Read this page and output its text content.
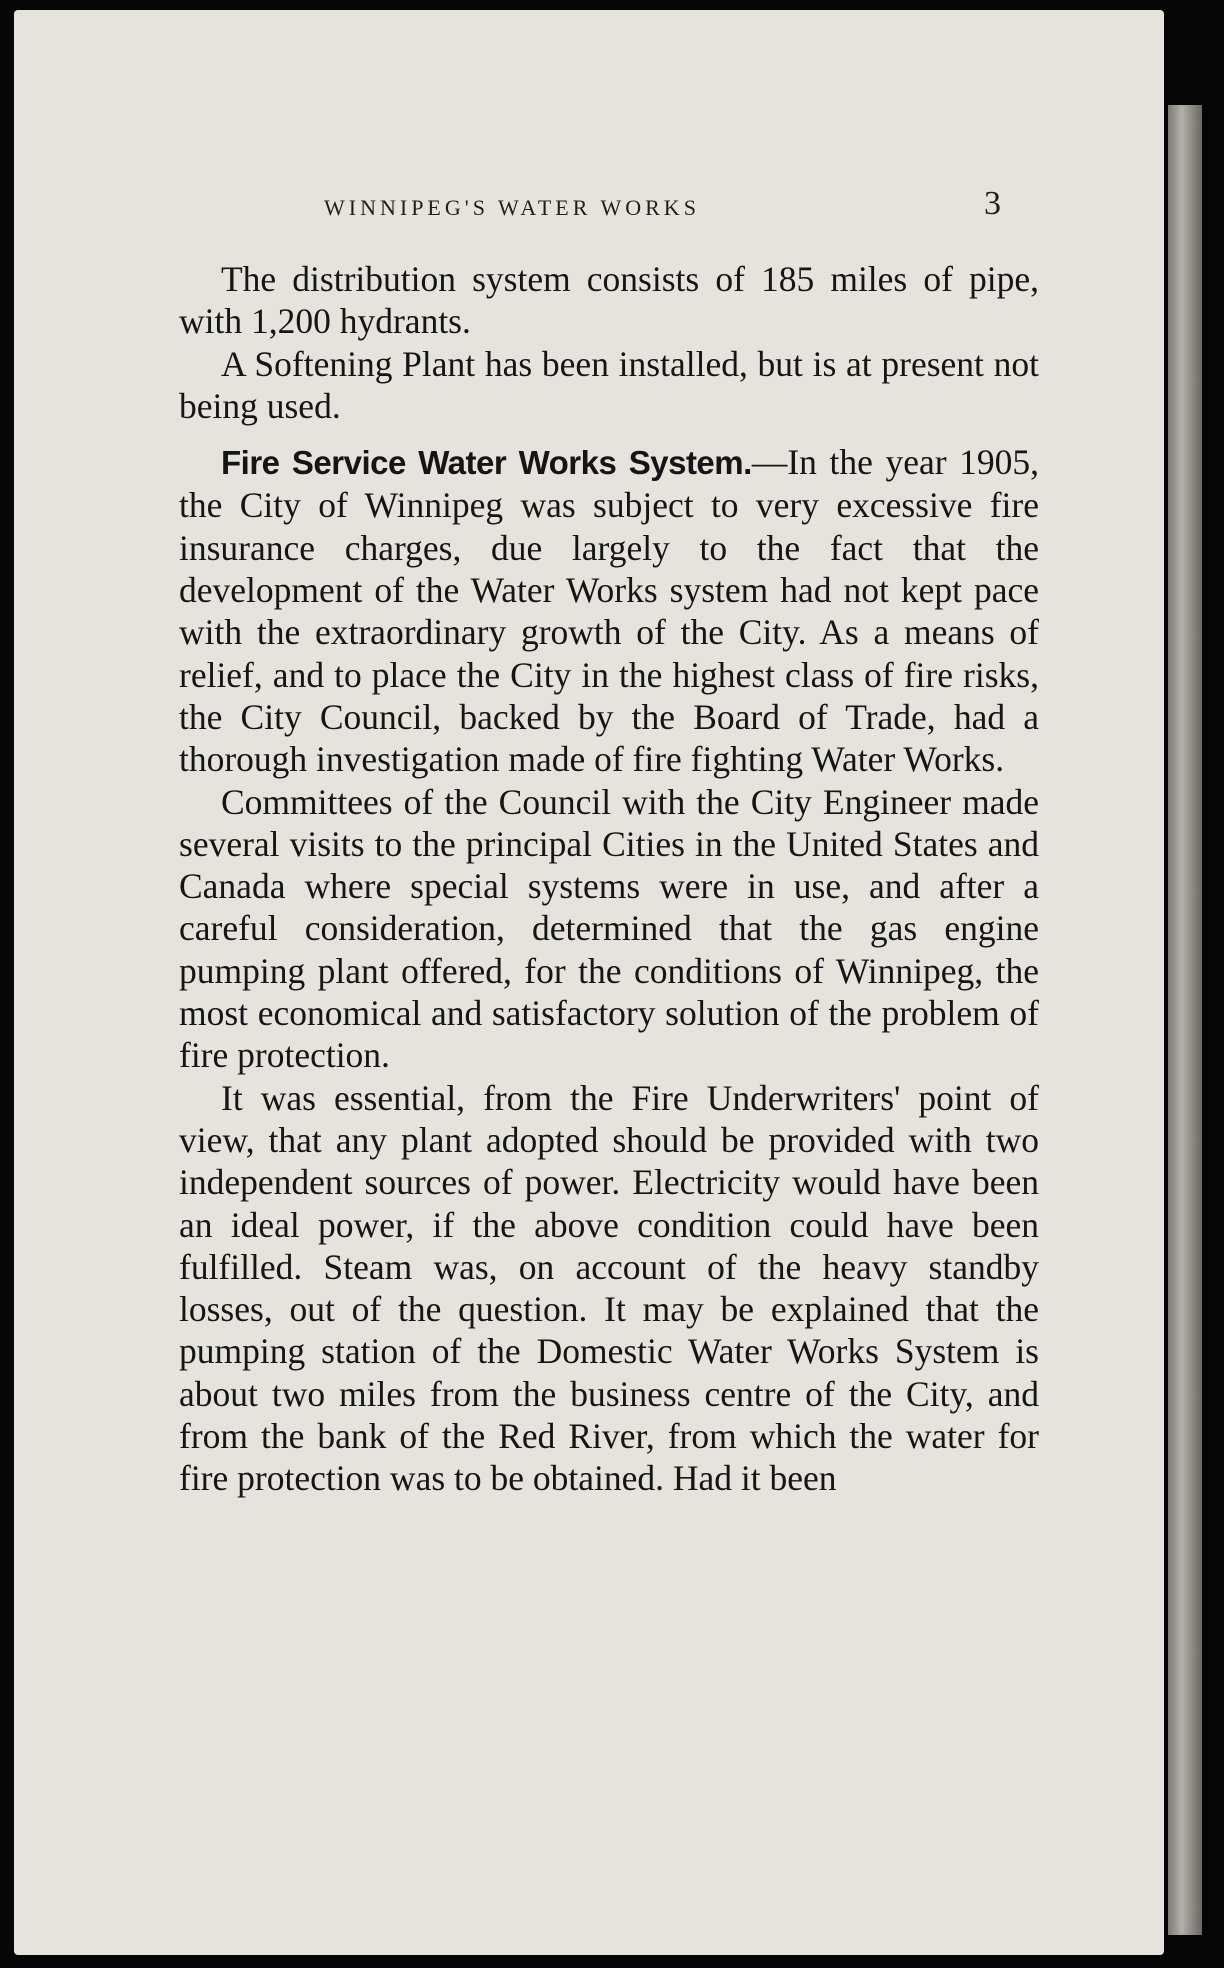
WINNIPEG'S WATER WORKS	3

The distribution system consists of 185 miles of pipe, with 1,200 hydrants.

A Softening Plant has been installed, but is at present not being used.

Fire Service Water Works System.—In the year 1905, the City of Winnipeg was subject to very excessive fire insurance charges, due largely to the fact that the development of the Water Works system had not kept pace with the extraordinary growth of the City. As a means of relief, and to place the City in the highest class of fire risks, the City Council, backed by the Board of Trade, had a thorough investigation made of fire fighting Water Works.

Committees of the Council with the City Engineer made several visits to the principal Cities in the United States and Canada where special systems were in use, and after a careful consideration, determined that the gas engine pumping plant offered, for the conditions of Winnipeg, the most economical and satisfactory solution of the problem of fire protection.

It was essential, from the Fire Underwriters' point of view, that any plant adopted should be provided with two independent sources of power. Electricity would have been an ideal power, if the above condition could have been fulfilled. Steam was, on account of the heavy standby losses, out of the question. It may be explained that the pumping station of the Domestic Water Works System is about two miles from the business centre of the City, and from the bank of the Red River, from which the water for fire protection was to be obtained. Had it been
